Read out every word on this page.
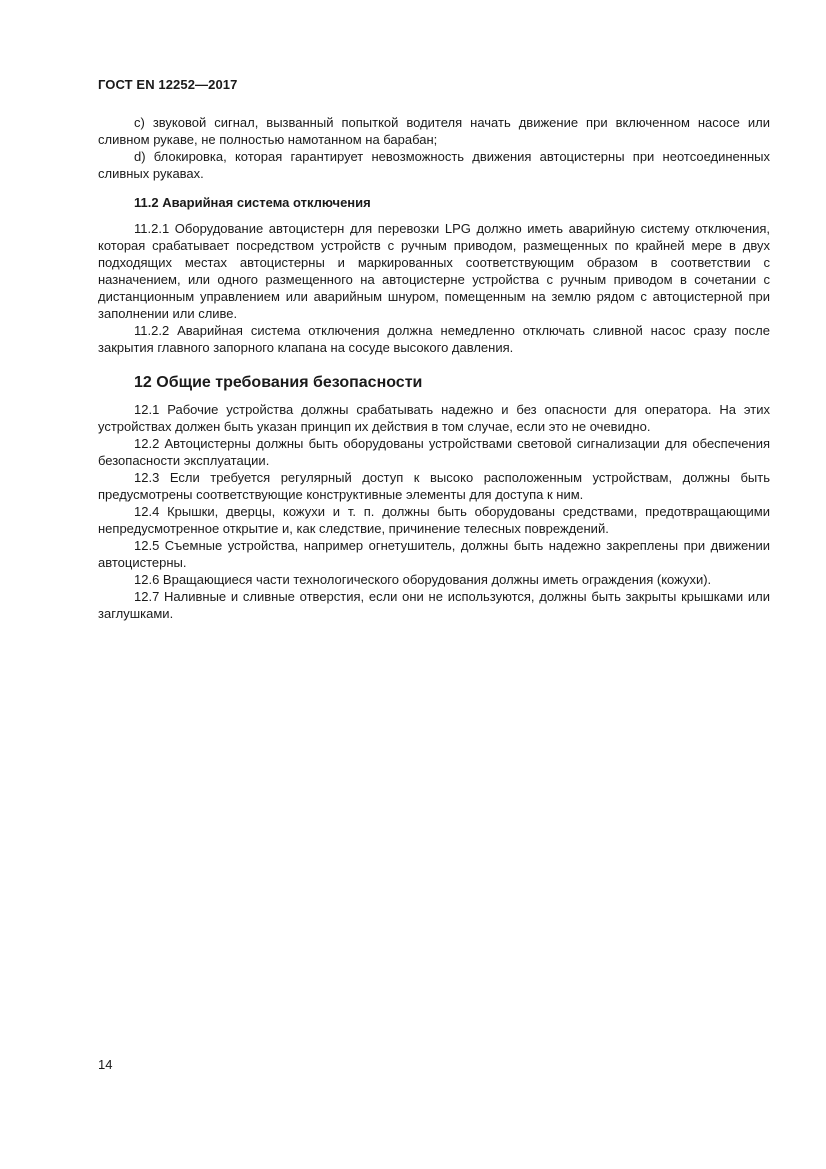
ГОСТ EN 12252—2017

с) звуковой сигнал, вызванный попыткой водителя начать движение при включенном насосе или сливном рукаве, не полностью намотанном на барабан;

d) блокировка, которая гарантирует невозможность движения автоцистерны при неотсоединенных сливных рукавах.

11.2 Аварийная система отключения

11.2.1 Оборудование автоцистерн для перевозки LPG должно иметь аварийную систему отключения, которая срабатывает посредством устройств с ручным приводом, размещенных по крайней мере в двух подходящих местах автоцистерны и маркированных соответствующим образом в соответствии с назначением, или одного размещенного на автоцистерне устройства с ручным приводом в сочетании с дистанционным управлением или аварийным шнуром, помещенным на землю рядом с автоцистерной при заполнении или сливе.

11.2.2 Аварийная система отключения должна немедленно отключать сливной насос сразу после закрытия главного запорного клапана на сосуде высокого давления.

12 Общие требования безопасности

12.1 Рабочие устройства должны срабатывать надежно и без опасности для оператора. На этих устройствах должен быть указан принцип их действия в том случае, если это не очевидно.

12.2 Автоцистерны должны быть оборудованы устройствами световой сигнализации для обеспечения безопасности эксплуатации.

12.3 Если требуется регулярный доступ к высоко расположенным устройствам, должны быть предусмотрены соответствующие конструктивные элементы для доступа к ним.

12.4 Крышки, дверцы, кожухи и т. п. должны быть оборудованы средствами, предотвращающими непредусмотренное открытие и, как следствие, причинение телесных повреждений.

12.5 Съемные устройства, например огнетушитель, должны быть надежно закреплены при движении автоцистерны.

12.6 Вращающиеся части технологического оборудования должны иметь ограждения (кожухи).

12.7 Наливные и сливные отверстия, если они не используются, должны быть закрыты крышками или заглушками.

14
